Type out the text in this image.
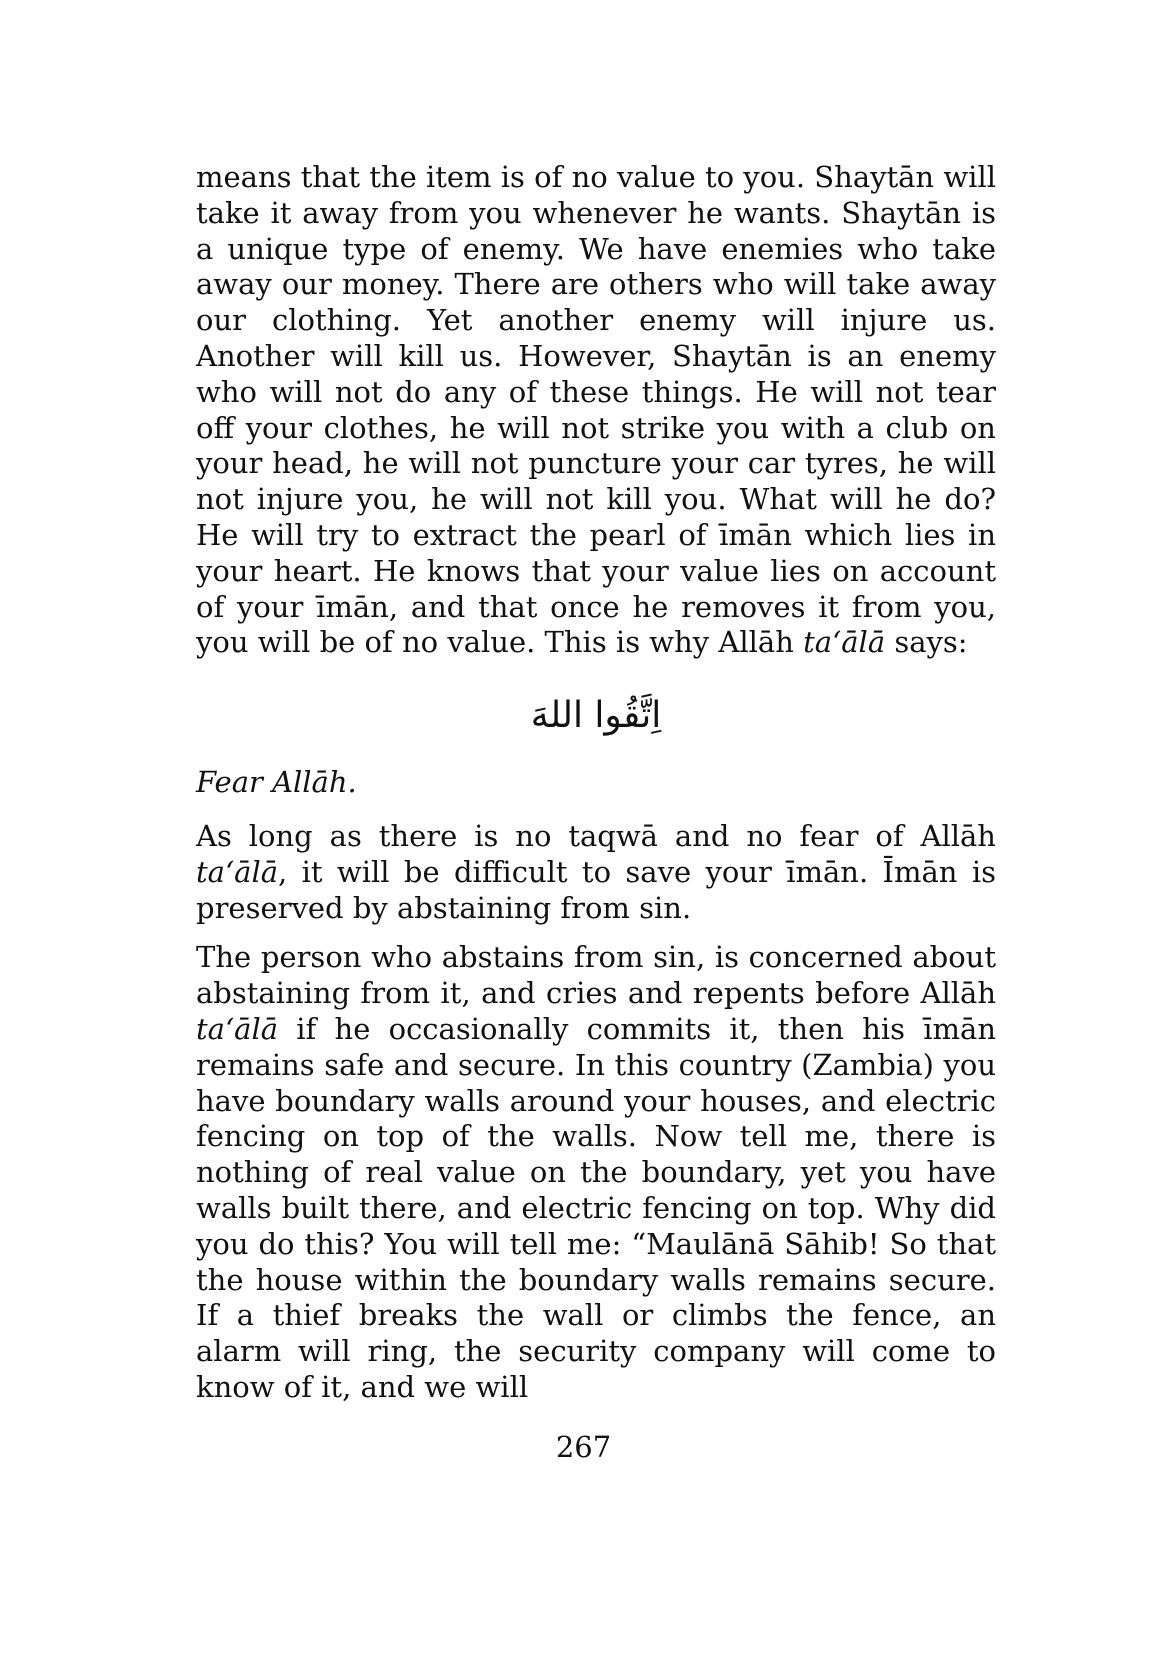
means that the item is of no value to you. Shaytān will take it away from you whenever he wants. Shaytān is a unique type of enemy. We have enemies who take away our money. There are others who will take away our clothing. Yet another enemy will injure us. Another will kill us. However, Shaytān is an enemy who will not do any of these things. He will not tear off your clothes, he will not strike you with a club on your head, he will not puncture your car tyres, he will not injure you, he will not kill you. What will he do? He will try to extract the pearl of īmān which lies in your heart. He knows that your value lies on account of your īmān, and that once he removes it from you, you will be of no value. This is why Allāh ta‘ālā says:

اِتَّقُوا اللهَ

Fear Allāh.

As long as there is no taqwā and no fear of Allāh ta‘ālā, it will be difficult to save your īmān. Īmān is preserved by abstaining from sin.

The person who abstains from sin, is concerned about abstaining from it, and cries and repents before Allāh ta‘ālā if he occasionally commits it, then his īmān remains safe and secure. In this country (Zambia) you have boundary walls around your houses, and electric fencing on top of the walls. Now tell me, there is nothing of real value on the boundary, yet you have walls built there, and electric fencing on top. Why did you do this? You will tell me: “Maulānā Sāhib! So that the house within the boundary walls remains secure. If a thief breaks the wall or climbs the fence, an alarm will ring, the security company will come to know of it, and we will

267
